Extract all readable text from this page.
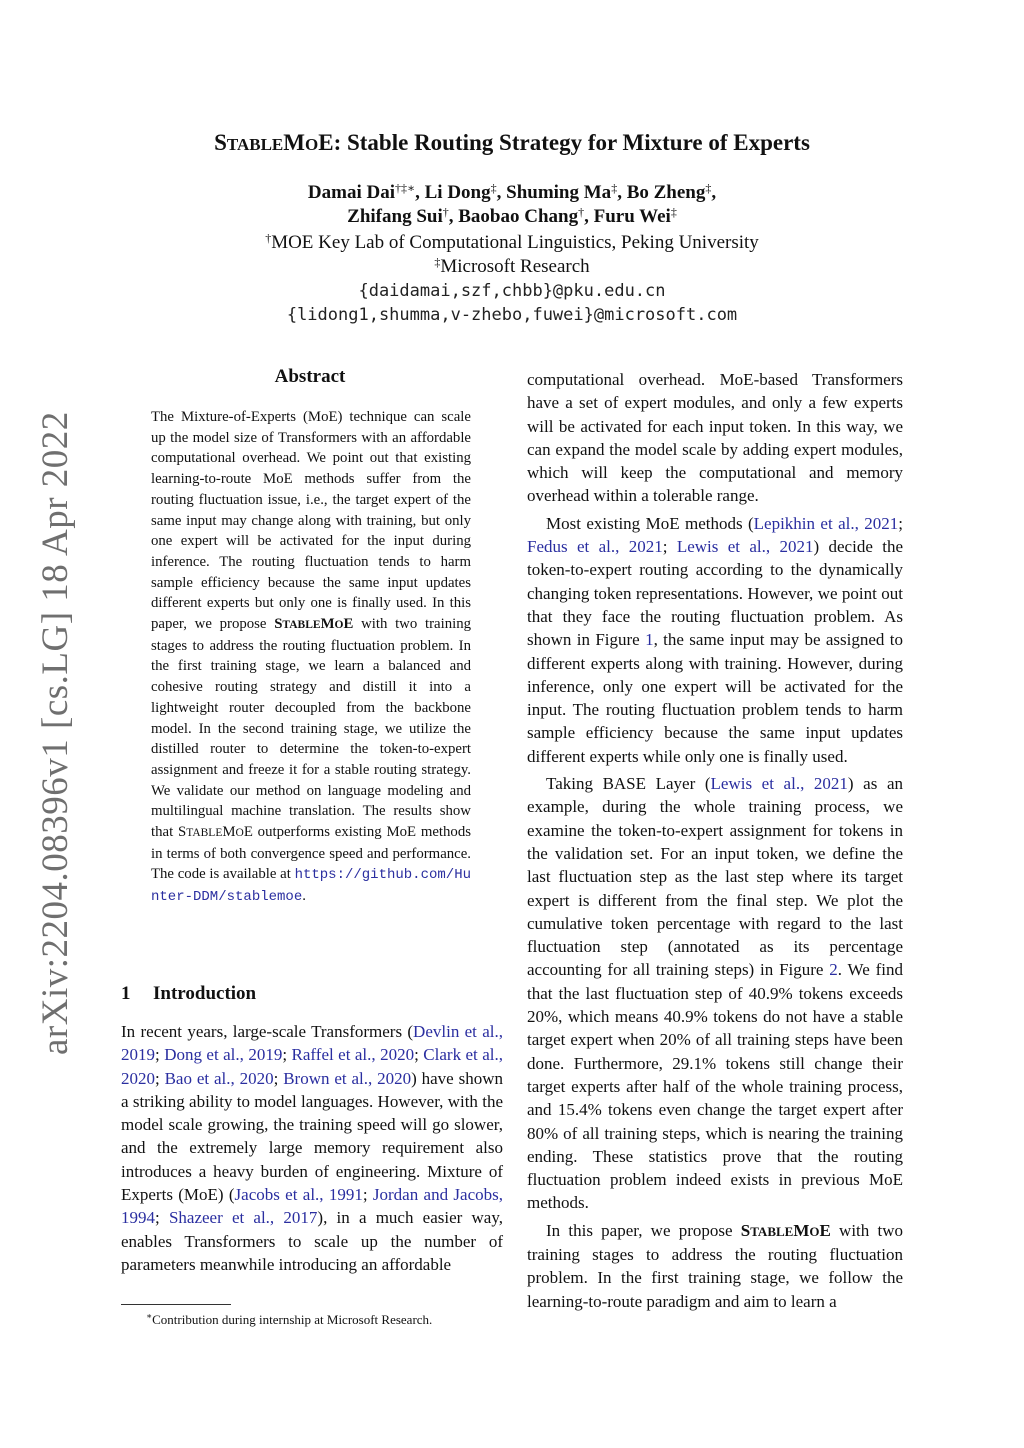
arXiv:2204.08396v1 [cs.LG] 18 Apr 2022
STABLEMOE: Stable Routing Strategy for Mixture of Experts
Damai Dai†‡∗, Li Dong‡, Shuming Ma‡, Bo Zheng‡,
Zhifang Sui†, Baobao Chang†, Furu Wei‡
†MOE Key Lab of Computational Linguistics, Peking University
‡Microsoft Research
{daidamai,szf,chbb}@pku.edu.cn
{lidong1,shumma,v-zhebo,fuwei}@microsoft.com
Abstract
The Mixture-of-Experts (MoE) technique can scale up the model size of Transformers with an affordable computational overhead. We point out that existing learning-to-route MoE methods suffer from the routing fluctuation issue, i.e., the target expert of the same input may change along with training, but only one expert will be activated for the input during inference. The routing fluctuation tends to harm sample efficiency because the same input updates different experts but only one is finally used. In this paper, we propose STABLEMOE with two training stages to address the routing fluctuation problem. In the first training stage, we learn a balanced and cohesive routing strategy and distill it into a lightweight router decoupled from the backbone model. In the second training stage, we utilize the distilled router to determine the token-to-expert assignment and freeze it for a stable routing strategy. We validate our method on language modeling and multilingual machine translation. The results show that STABLEMOE outperforms existing MoE methods in terms of both convergence speed and performance. The code is available at https://github.com/Hunter-DDM/stablemoe.
1 Introduction
In recent years, large-scale Transformers (Devlin et al., 2019; Dong et al., 2019; Raffel et al., 2020; Clark et al., 2020; Bao et al., 2020; Brown et al., 2020) have shown a striking ability to model languages. However, with the model scale growing, the training speed will go slower, and the extremely large memory requirement also introduces a heavy burden of engineering. Mixture of Experts (MoE) (Jacobs et al., 1991; Jordan and Jacobs, 1994; Shazeer et al., 2017), in a much easier way, enables Transformers to scale up the number of parameters meanwhile introducing an affordable
∗Contribution during internship at Microsoft Research.

computational overhead. MoE-based Transformers have a set of expert modules, and only a few experts will be activated for each input token. In this way, we can expand the model scale by adding expert modules, which will keep the computational and memory overhead within a tolerable range.

Most existing MoE methods (Lepikhin et al., 2021; Fedus et al., 2021; Lewis et al., 2021) decide the token-to-expert routing according to the dynamically changing token representations. However, we point out that they face the routing fluctuation problem. As shown in Figure 1, the same input may be assigned to different experts along with training. However, during inference, only one expert will be activated for the input. The routing fluctuation problem tends to harm sample efficiency because the same input updates different experts while only one is finally used.

Taking BASE Layer (Lewis et al., 2021) as an example, during the whole training process, we examine the token-to-expert assignment for tokens in the validation set. For an input token, we define the last fluctuation step as the last step where its target expert is different from the final step. We plot the cumulative token percentage with regard to the last fluctuation step (annotated as its percentage accounting for all training steps) in Figure 2. We find that the last fluctuation step of 40.9% tokens exceeds 20%, which means 40.9% tokens do not have a stable target expert when 20% of all training steps have been done. Furthermore, 29.1% tokens still change their target experts after half of the whole training process, and 15.4% tokens even change the target expert after 80% of all training steps, which is nearing the training ending. These statistics prove that the routing fluctuation problem indeed exists in previous MoE methods.

In this paper, we propose STABLEMOE with two training stages to address the routing fluctuation problem. In the first training stage, we follow the learning-to-route paradigm and aim to learn a
